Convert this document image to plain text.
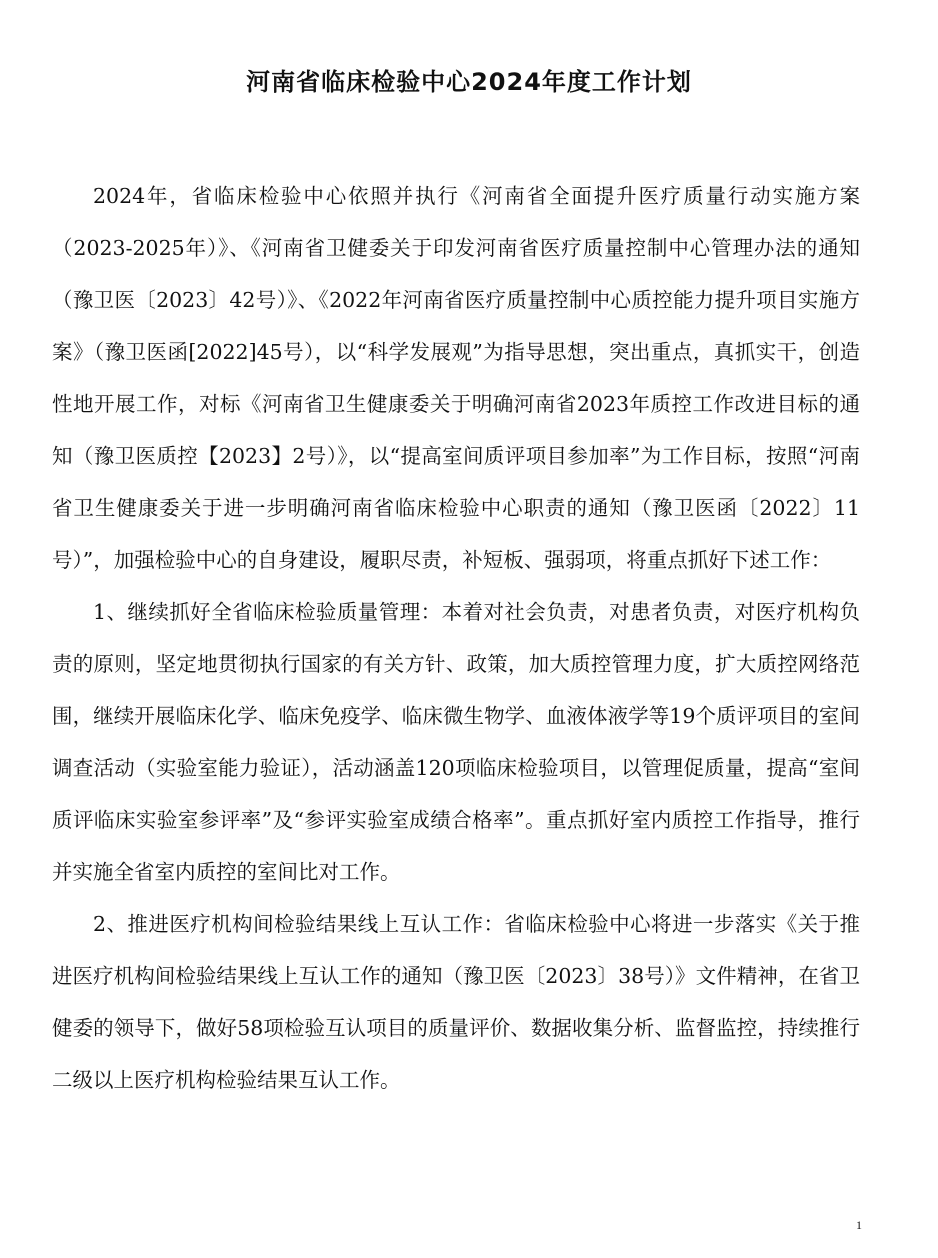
河南省临床检验中心2024年度工作计划

2024年，省临床检验中心依照并执行《河南省全面提升医疗质量行动实施方案（2023-2025年）》、《河南省卫健委关于印发河南省医疗质量控制中心管理办法的通知（豫卫医〔2023〕42号）》、《2022年河南省医疗质量控制中心质控能力提升项目实施方案》（豫卫医函[2022]45号），以“科学发展观”为指导思想，突出重点，真抓实干，创造性地开展工作，对标《河南省卫生健康委关于明确河南省2023年质控工作改进目标的通知（豫卫医质控【2023】2号）》，以“提高室间质评项目参加率”为工作目标，按照“河南省卫生健康委关于进一步明确河南省临床检验中心职责的通知（豫卫医函〔2022〕11号）”，加强检验中心的自身建设，履职尽责，补短板、强弱项，将重点抓好下述工作：

1、继续抓好全省临床检验质量管理：本着对社会负责，对患者负责，对医疗机构负责的原则，坚定地贯彻执行国家的有关方针、政策，加大质控管理力度，扩大质控网络范围，继续开展临床化学、临床免疫学、临床微生物学、血液体液学等19个质评项目的室间调查活动（实验室能力验证），活动涵盖120项临床检验项目，以管理促质量，提高“室间质评临床实验室参评率”及“参评实验室成绩合格率”。重点抓好室内质控工作指导，推行并实施全省室内质控的室间比对工作。

2、推进医疗机构间检验结果线上互认工作：省临床检验中心将进一步落实《关于推进医疗机构间检验结果线上互认工作的通知（豫卫医〔2023〕38号）》文件精神，在省卫健委的领导下，做好58项检验互认项目的质量评价、数据收集分析、监督监控，持续推行二级以上医疗机构检验结果互认工作。

1
